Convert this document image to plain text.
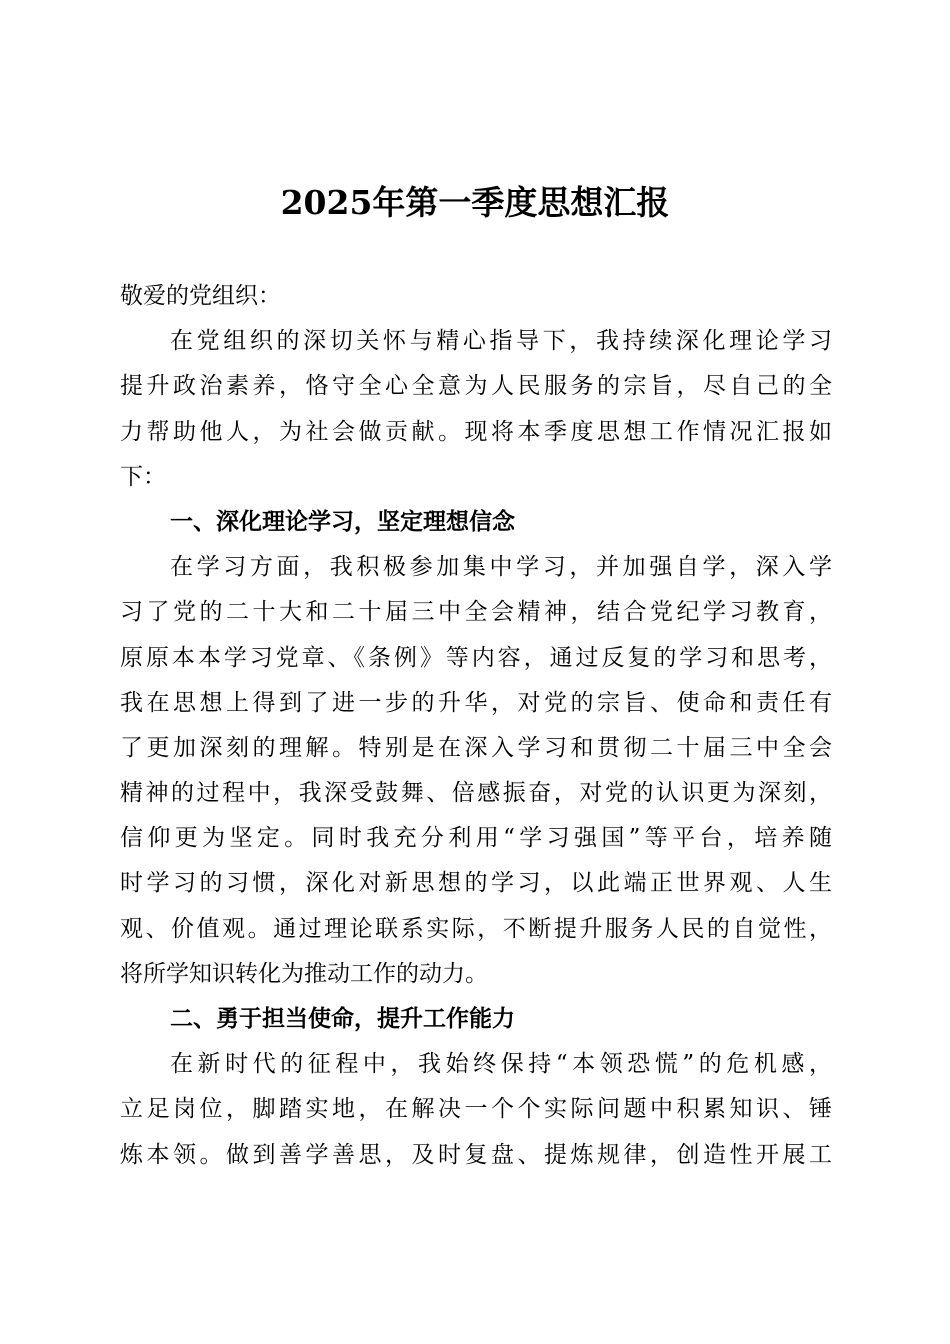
2025年第一季度思想汇报
敬爱的党组织：
在党组织的深切关怀与精心指导下，我持续深化理论学习
提升政治素养，恪守全心全意为人民服务的宗旨，尽自己的全
力帮助他人，为社会做贡献。现将本季度思想工作情况汇报如
下：
一、深化理论学习，坚定理想信念
在学习方面，我积极参加集中学习，并加强自学，深入学
习了党的二十大和二十届三中全会精神，结合党纪学习教育，
原原本本学习党章、《条例》等内容，通过反复的学习和思考，
我在思想上得到了进一步的升华，对党的宗旨、使命和责任有
了更加深刻的理解。特别是在深入学习和贯彻二十届三中全会
精神的过程中，我深受鼓舞、倍感振奋，对党的认识更为深刻，
信仰更为坚定。同时我充分利用“学习强国”等平台，培养随
时学习的习惯，深化对新思想的学习，以此端正世界观、人生
观、价值观。通过理论联系实际，不断提升服务人民的自觉性，
将所学知识转化为推动工作的动力。
二、勇于担当使命，提升工作能力
在新时代的征程中，我始终保持“本领恐慌”的危机感，
立足岗位，脚踏实地，在解决一个个实际问题中积累知识、锤
炼本领。做到善学善思，及时复盘、提炼规律，创造性开展工
